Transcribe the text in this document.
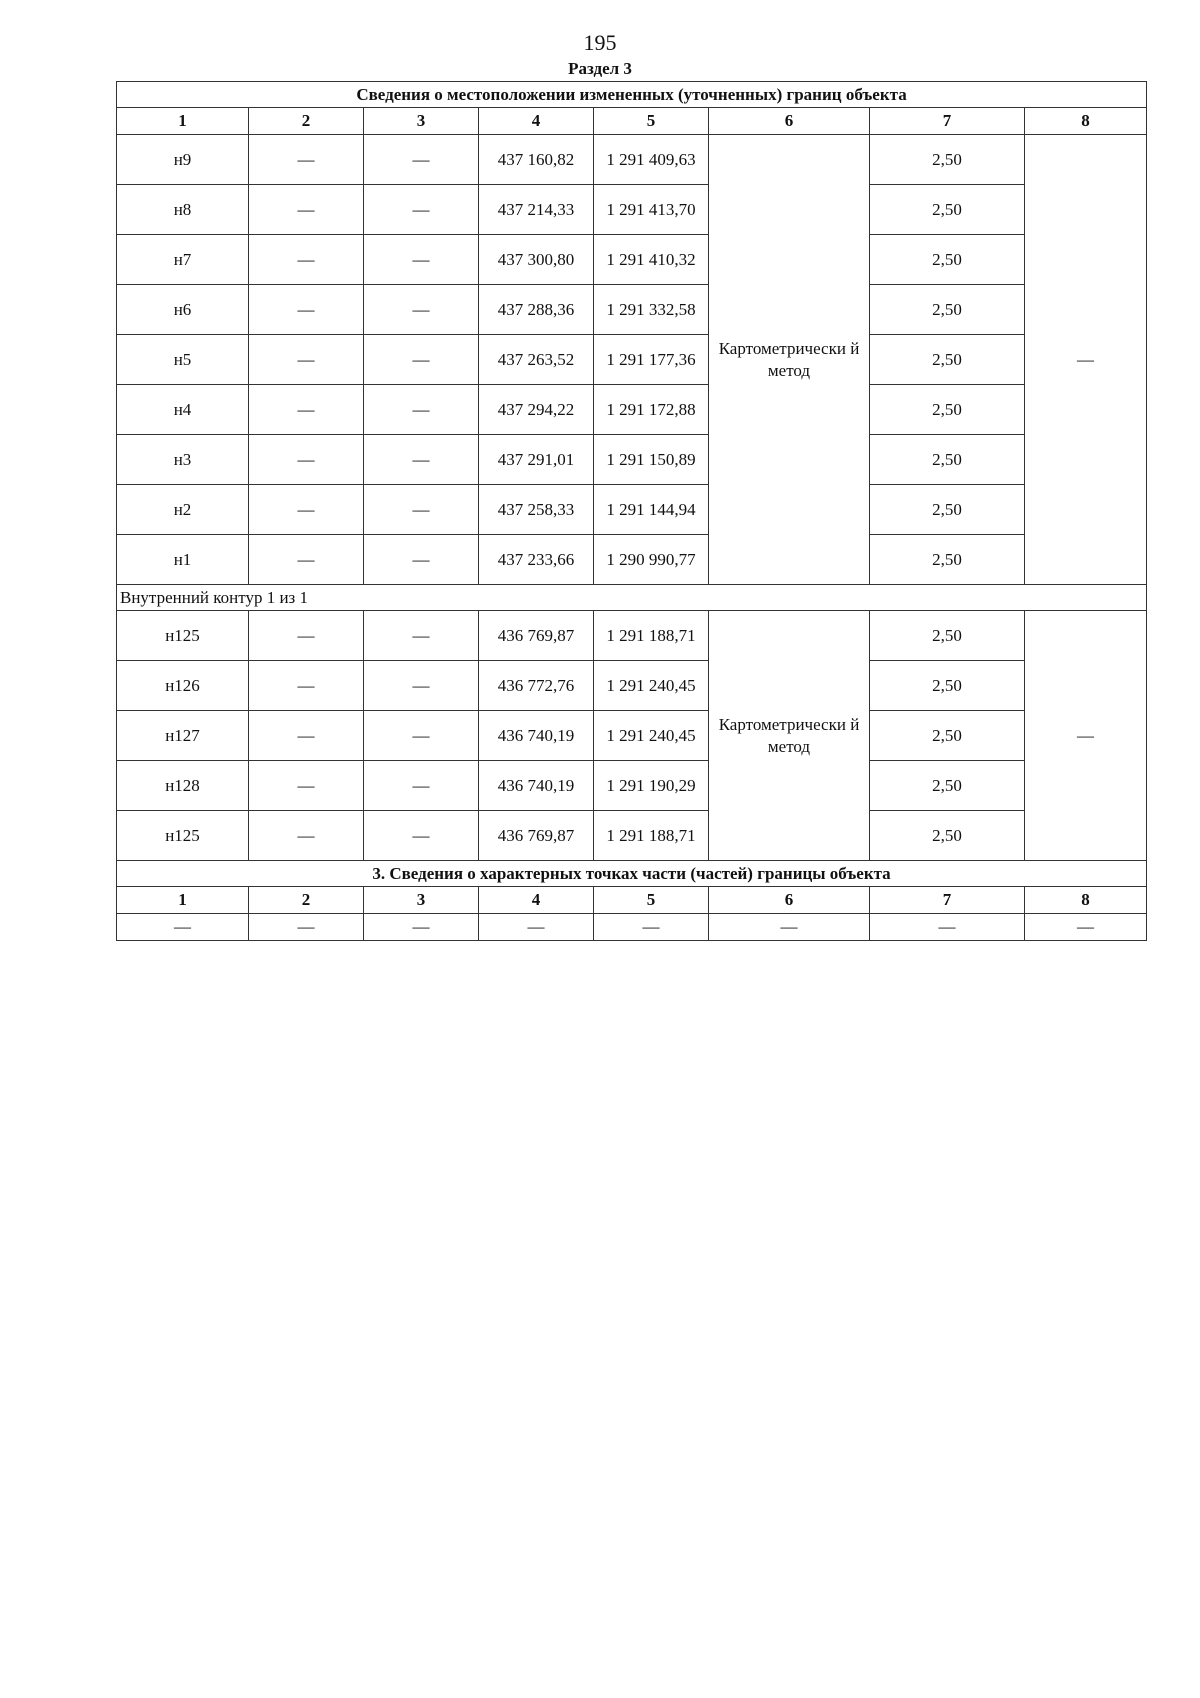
195
Раздел 3
Сведения о местоположении измененных (уточненных) границ объекта							
1	2	3	4	5	6	7	8
н9	—	—	437 160,82	1 291 409,63	Картометрически й метод	2,50	—
н8	—	—	437 214,33	1 291 413,70		2,50	
н7	—	—	437 300,80	1 291 410,32		2,50	
н6	—	—	437 288,36	1 291 332,58		2,50	
н5	—	—	437 263,52	1 291 177,36		2,50	
н4	—	—	437 294,22	1 291 172,88		2,50	
н3	—	—	437 291,01	1 291 150,89		2,50	
н2	—	—	437 258,33	1 291 144,94		2,50	
н1	—	—	437 233,66	1 290 990,77		2,50	
Внутренний контур 1 из 1							
н125	—	—	436 769,87	1 291 188,71	Картометрически й метод	2,50	—
н126	—	—	436 772,76	1 291 240,45		2,50	
н127	—	—	436 740,19	1 291 240,45		2,50	
н128	—	—	436 740,19	1 291 190,29		2,50	
н125	—	—	436 769,87	1 291 188,71		2,50	
3. Сведения о характерных точках части (частей) границы объекта							
1	2	3	4	5	6	7	8
—	—	—	—	—	—	—	—
